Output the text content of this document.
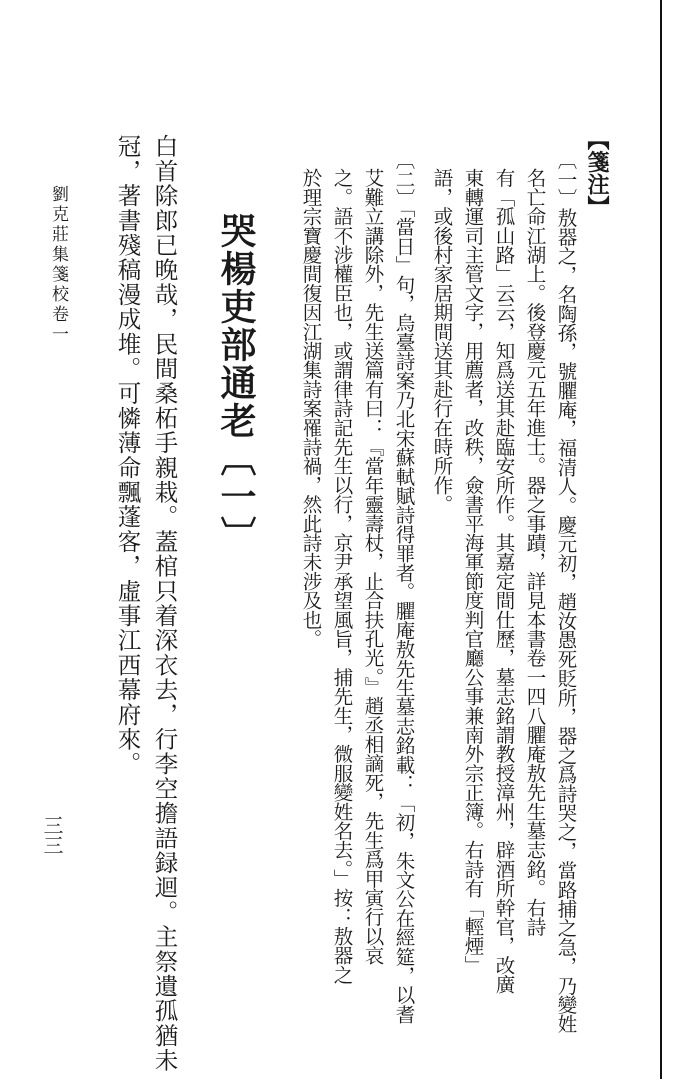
【箋注】
〔一〕敖器之，名陶孫，號臞庵，福清人。慶元初，趙汝愚死貶所，器之爲詩哭之，當路捕之急，乃變姓
名亡命江湖上。後登慶元五年進士。器之事蹟，詳見本書卷一四八臞庵敖先生墓志銘。右詩
有「孤山路」云云，知爲送其赴臨安所作。其嘉定間仕歷，墓志銘謂教授漳州，辟酒所幹官，改廣
東轉運司主管文字，用薦者，改秩，僉書平海軍節度判官廳公事兼南外宗正簿。右詩有「輕煙」
語，或後村家居期間送其赴行在時所作。
〔二〕「當日」句，烏臺詩案乃北宋蘇軾賦詩得罪者。臞庵敖先生墓志銘載：「初，朱文公在經筵，以耆
艾難立講除外，先生送篇有曰：『當年靈壽杖，止合扶孔光。』趙丞相謫死，先生爲甲寅行以哀
之。語不涉權臣也，或謂律詩記先生以行，京尹承望風旨，捕先生，微服變姓名去。」按：敖器之
於理宗寶慶間復因江湖集詩案罹詩禍，然此詩未涉及也。
哭楊吏部通老〔一〕
白首除郎已晚哉，民間桑柘手親栽。蓋棺只着深衣去，行李空擔語録迴。主祭遺孤猶未
冠，著書殘稿漫成堆。可憐薄命飄蓬客，虛事江西幕府來。
劉克莊集箋校卷一
三三
